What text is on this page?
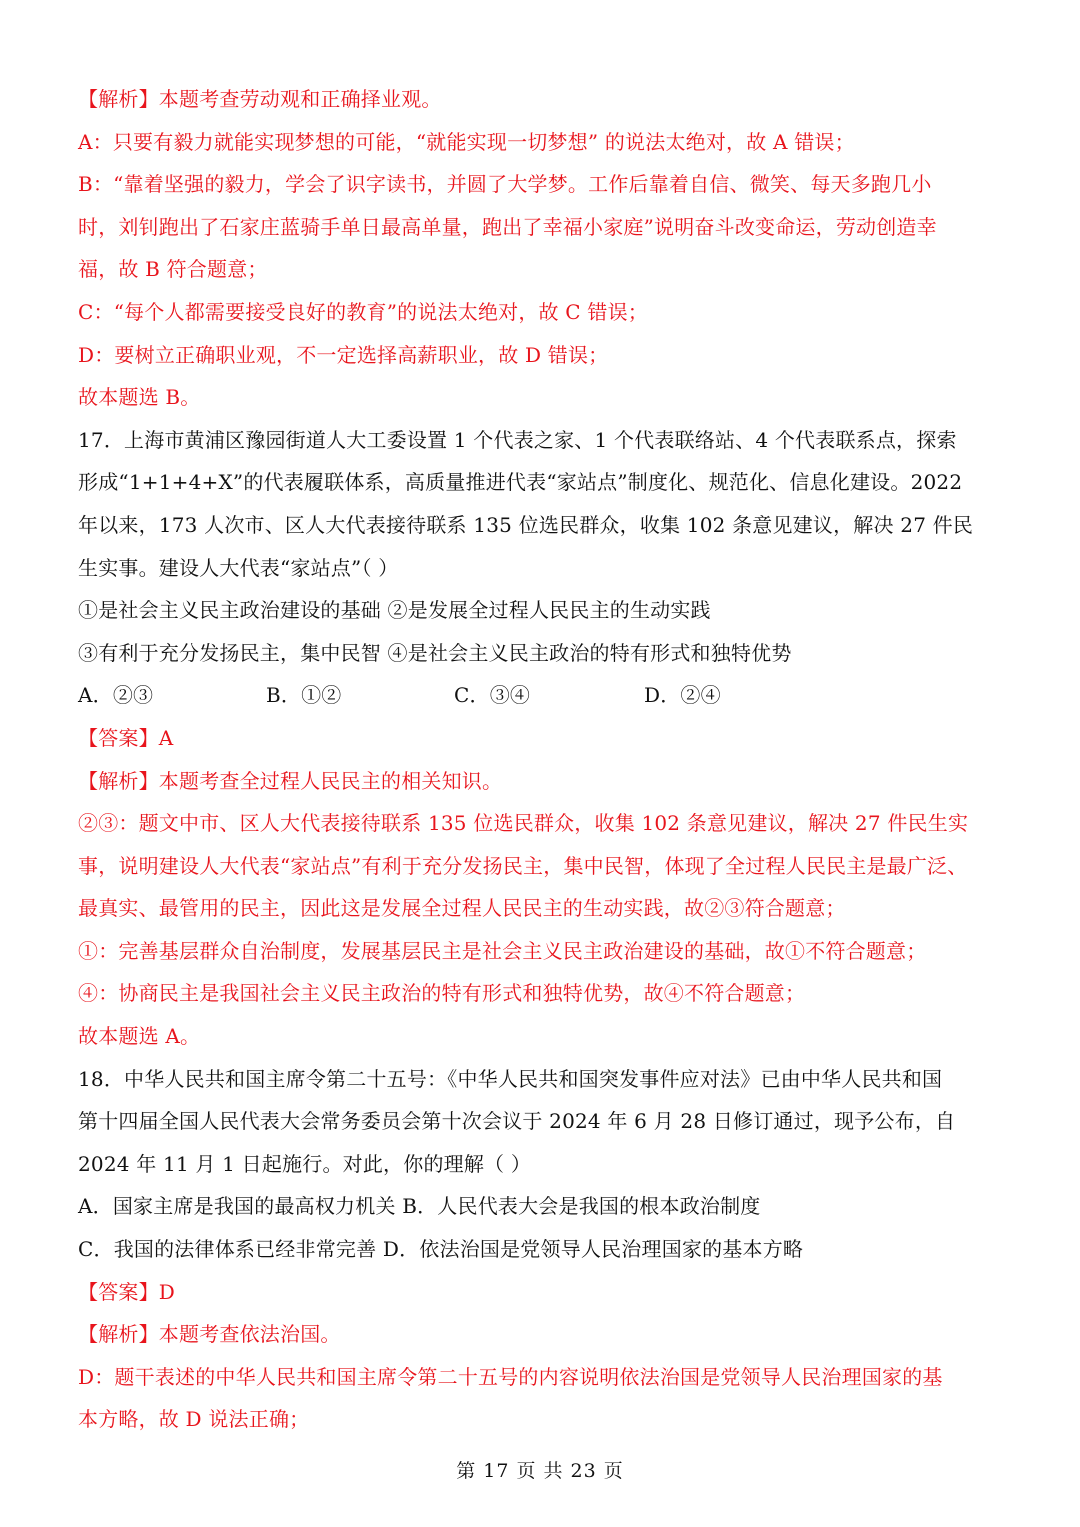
【解析】本题考查劳动观和正确择业观。
A：只要有毅力就能实现梦想的可能，“就能实现一切梦想” 的说法太绝对，故 A 错误；
B：“靠着坚强的毅力，学会了识字读书，并圆了大学梦。工作后靠着自信、微笑、每天多跑几小
时，刘钊跑出了石家庄蓝骑手单日最高单量，跑出了幸福小家庭”说明奋斗改变命运，劳动创造幸
福，故 B 符合题意；
C：“每个人都需要接受良好的教育”的说法太绝对，故 C 错误；
D：要树立正确职业观，不一定选择高薪职业，故 D 错误；
故本题选 B。
17．上海市黄浦区豫园街道人大工委设置 1 个代表之家、1 个代表联络站、4 个代表联系点，探索
形成“1+1+4+X”的代表履联体系，高质量推进代表“家站点”制度化、规范化、信息化建设。2022
年以来，173 人次市、区人大代表接待联系 135 位选民群众，收集 102 条意见建议，解决 27 件民
生实事。建设人大代表“家站点”（ ）
①是社会主义民主政治建设的基础 ②是发展全过程人民民主的生动实践
③有利于充分发扬民主，集中民智 ④是社会主义民主政治的特有形式和独特优势
A．②③	B．①②	C．③④	D．②④
【答案】A
【解析】本题考查全过程人民民主的相关知识。
②③：题文中市、区人大代表接待联系 135 位选民群众，收集 102 条意见建议，解决 27 件民生实
事，说明建设人大代表“家站点”有利于充分发扬民主，集中民智，体现了全过程人民民主是最广泛、
最真实、最管用的民主，因此这是发展全过程人民民主的生动实践，故②③符合题意；
①：完善基层群众自治制度，发展基层民主是社会主义民主政治建设的基础，故①不符合题意；
④：协商民主是我国社会主义民主政治的特有形式和独特优势，故④不符合题意；
故本题选 A。
18．中华人民共和国主席令第二十五号：《中华人民共和国突发事件应对法》已由中华人民共和国
第十四届全国人民代表大会常务委员会第十次会议于 2024 年 6 月 28 日修订通过，现予公布，自
2024 年 11 月 1 日起施行。对此，你的理解（ ）
A．国家主席是我国的最高权力机关 B．人民代表大会是我国的根本政治制度
C．我国的法律体系已经非常完善 D．依法治国是党领导人民治理国家的基本方略
【答案】D
【解析】本题考查依法治国。
D：题干表述的中华人民共和国主席令第二十五号的内容说明依法治国是党领导人民治理国家的基
本方略，故 D 说法正确；
第 17 页 共 23 页
